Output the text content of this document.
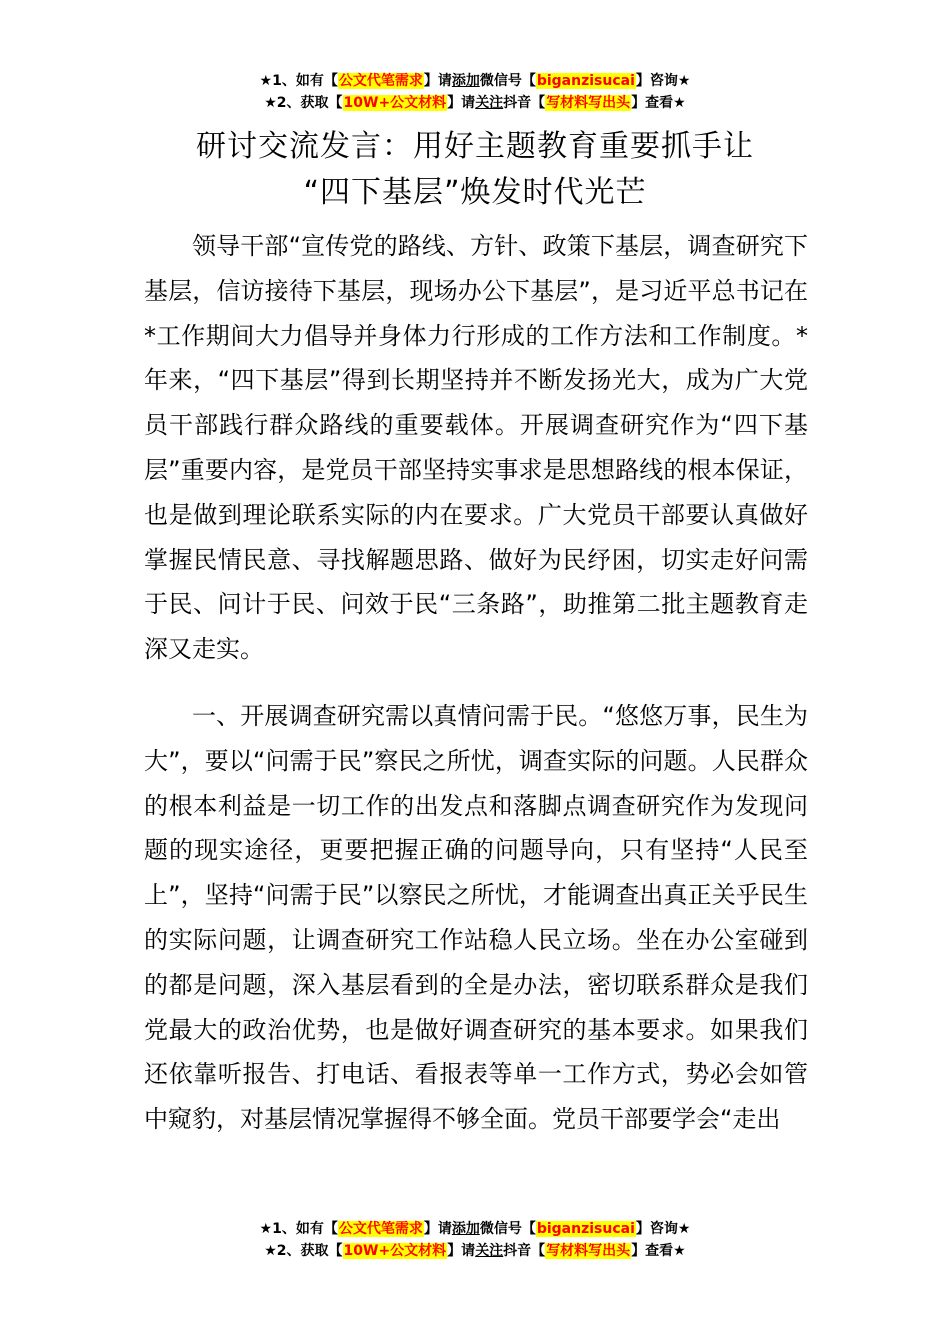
★1、如有【公文代笔需求】请添加微信号【biganzisucai】咨询★
★2、获取【10W+公文材料】请关注抖音【写材料写出头】查看★
研讨交流发言：用好主题教育重要抓手让
“四下基层”焕发时代光芒

领导干部“宣传党的路线、方针、政策下基层，调查研究下基层，信访接待下基层，现场办公下基层”，是习近平总书记在*工作期间大力倡导并身体力行形成的工作方法和工作制度。*年来，“四下基层”得到长期坚持并不断发扬光大，成为广大党员干部践行群众路线的重要载体。开展调查研究作为“四下基层”重要内容，是党员干部坚持实事求是思想路线的根本保证，也是做到理论联系实际的内在要求。广大党员干部要认真做好掌握民情民意、寻找解题思路、做好为民纾困，切实走好问需于民、问计于民、问效于民“三条路”，助推第二批主题教育走深又走实。

一、开展调查研究需以真情问需于民。“悠悠万事，民生为大”，要以“问需于民”察民之所忧，调查实际的问题。人民群众的根本利益是一切工作的出发点和落脚点调查研究作为发现问题的现实途径，更要把握正确的问题导向，只有坚持“人民至上”，坚持“问需于民”以察民之所忧，才能调查出真正关乎民生的实际问题，让调查研究工作站稳人民立场。坐在办公室碰到的都是问题，深入基层看到的全是办法，密切联系群众是我们党最大的政治优势，也是做好调查研究的基本要求。如果我们还依靠听报告、打电话、看报表等单一工作方式，势必会如管中窥豹，对基层情况掌握得不够全面。党员干部要学会“走出

★1、如有【公文代笔需求】请添加微信号【biganzisucai】咨询★
★2、获取【10W+公文材料】请关注抖音【写材料写出头】查看★
